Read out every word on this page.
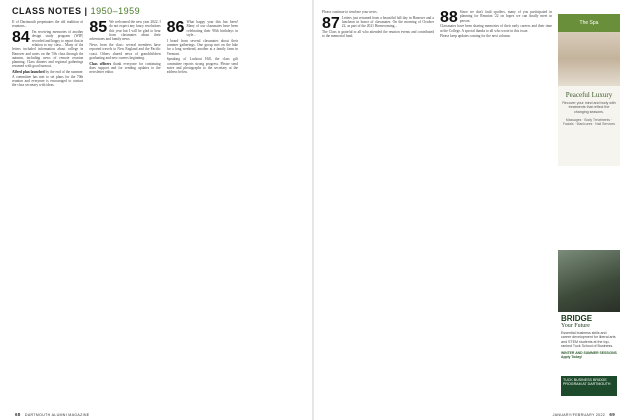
CLASS NOTES | 1950–1959

If of Dartmouth perpetuates the old tradition of reunions...

84 I'm receiving memories of another design study program (WIP) recorded and happy to report that in relation to my class... Many of the letters included information about college in Hanover and notes on the '50s class through the autumn, including news of remote reunion planning. Class dinners and regional gatherings resumed with good turnout.

Alfred plan launched by the end of the summer. A committee has met to set plans for the 70th reunion and everyone is encouraged to contact the class secretary with ideas.

85 We welcomed the new year 2022. I do not expect any fancy resolutions this year but I will be glad to hear from classmates about their adventures and family news.

News from the class: several members have reported travels to New England and the Pacific coast. Others shared news of grandchildren graduating and new careers beginning.

Class officers thank everyone for continuing dues support and for sending updates to the newsletter editor.

86 What happy year this has been! Many of our classmates have been celebrating their 90th birthdays in style...

I heard from several classmates about their summer gatherings. One group met on the lake for a long weekend, another at a family farm in Vermont.

Speaking of Lookout Hill, the class gift committee reports strong progress. Please send notes and photographs to the secretary at the address below.

68 DARTMOUTH ALUMNI MAGAZINE

Please continue to send me your news.

87 Letters just returned from a beautiful fall day in Hanover and a luncheon in honor of classmates. On the morning of October 22, as part of the 2021 Homecoming...

The Class is grateful to all who attended the reunion events and contributed to the memorial fund.

88 Since we don't fault spoilers, many of you participated in planning for Reunion '22 on hopes we can finally meet in person.

Classmates have been sharing memories of their early careers and their time at the College. A special thanks to all who wrote in this issue.

Please keep updates coming for the next column.

The Spa
Peaceful Luxury
Recover your mind and body with treatments that reflect the changing seasons.
Massages · Body Treatments · Facials · Manicures · Nail Services
BRIDGE
Your Future
Essential business skills and career development for liberal arts and STEM students at the top-ranked Tuck School of Business.
WINTER AND SUMMER SESSIONS Apply Today!
TUCK BUSINESS BRIDGE PROGRAM AT DARTMOUTH
JANUARY/FEBRUARY 2022 69
